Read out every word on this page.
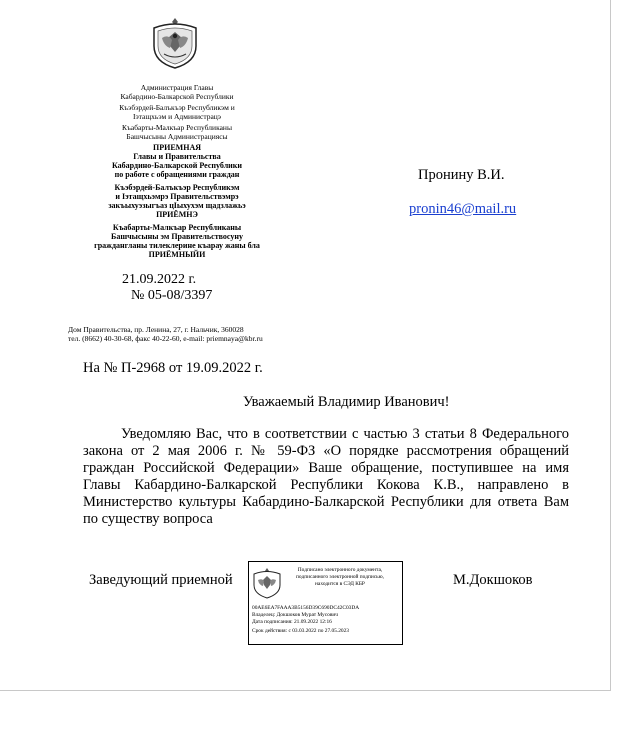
Администрация Главы
Кабардино-Балкарской Республики
Къэбэрдей-Балъкъэр Республикэм и
Іэтащхьэм и Администрацэ
Къабарты-Малкъар Республиканы
Башчысыны Администрациясы
ПРИЕМНАЯ
Главы и Правительства
Кабардино-Балкарской Республики
по работе с обращениями граждан
Къэбэрдей-Балъкъэр Республикэм
и Іэтащхьэмрэ Правительствэмрэ
закъыхуэзыгъаз цІыхухэм щадзлажьэ
ПРИЁМНЭ
Къабарты-Малкъар Республиканы
Башчысыны эм Правительствосуну
граждангланы тилеклерине къарау жаны бла
ПРИЁМНЫЙИ
21.09.2022 г.
№ 05-08/3397
Дом Правительства, пр. Ленина, 27, г. Нальчик, 360028
тел. (8662) 40-30-68, факс 40-22-60, e-mail: priemnaya@kbr.ru
Пронину В.И.
pronin46@mail.ru
На № П-2968 от 19.09.2022 г.
Уважаемый Владимир Иванович!

Уведомляю Вас, что в соответствии с частью 3 статьи 8 Федерального закона от 2 мая 2006 г. № 59-ФЗ «О порядке рассмотрения обращений граждан Российской Федерации» Ваше обращение, поступившее на имя Главы Кабардино-Балкарской Республики Кокова К.В., направлено в Министерство культуры Кабардино-Балкарской Республики для ответа Вам по существу вопроса

Заведующий приемной	М.Докшоков
Подписано электронного документа,
подписанного электронной подписью,
находится в СЭД КБР
00AE6EA7FAAA3B5156D39C690DC42C03DA
Владелец: Докшоков Мурат Мусович
Дата подписания: 21.09.2022 12:16
Срок действия: с 03.03.2022 по 27.05.2023
